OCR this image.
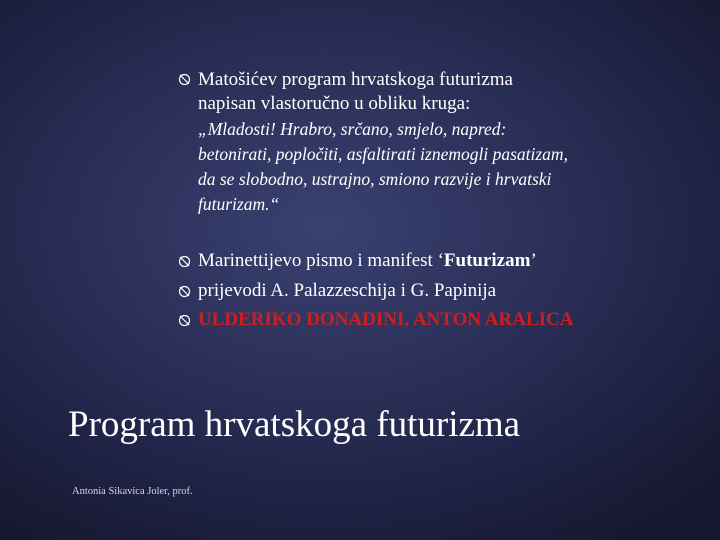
Matošićev program hrvatskoga futurizma
napisan vlastoručno u obliku kruga:
„Mladosti! Hrabro, srčano, smjelo, napred:
betonirati, popločiti, asfaltirati iznemogli pasatizam,
da se slobodno, ustrajno, smiono razvije i hrvatski
futurizam.“
Marinettijevo pismo i manifest ‘Futurizam’
prijevodi A. Palazzeschija i G. Papinija
ULDERIKO DONADINI, ANTON ARALICA
Program hrvatskoga futurizma
Antonia Sikavica Joler, prof.
